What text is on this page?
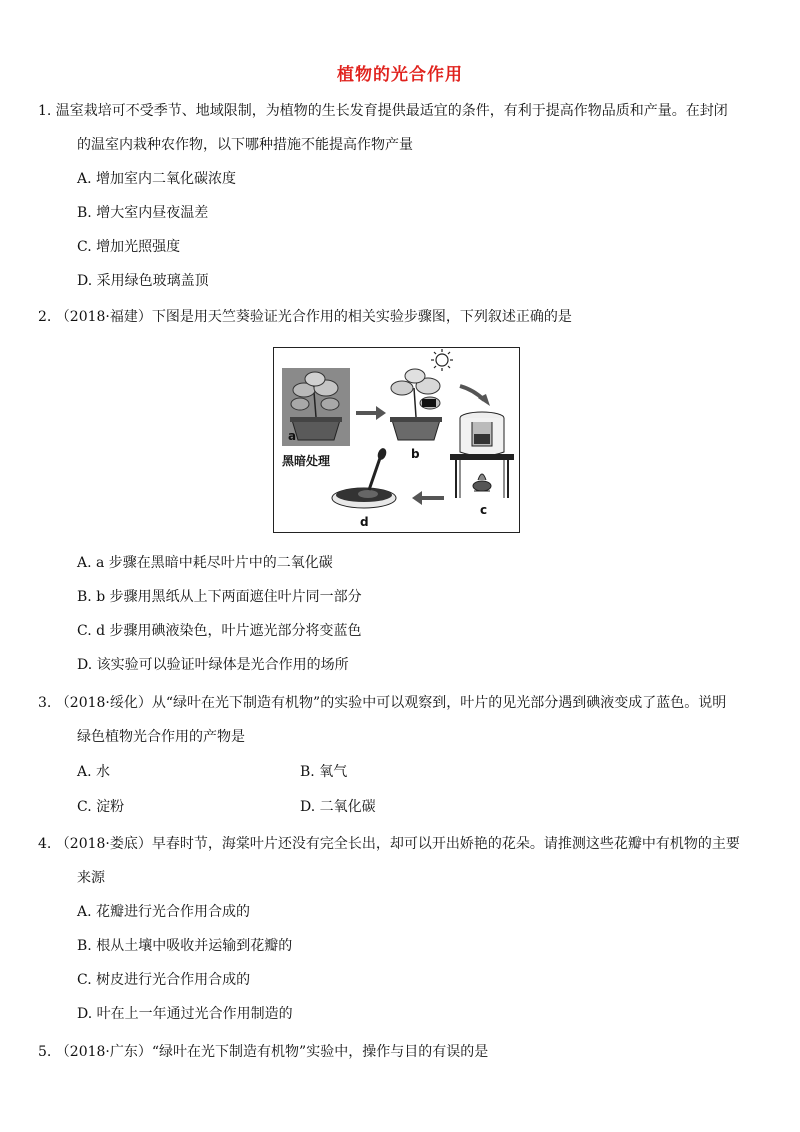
植物的光合作用
1. 温室栽培可不受季节、地域限制，为植物的生长发育提供最适宜的条件，有利于提高作物品质和产量。在封闭
的温室内栽种农作物，以下哪种措施不能提高作物产量
A. 增加室内二氧化碳浓度
B. 增大室内昼夜温差
C. 增加光照强度
D. 采用绿色玻璃盖顶
2. （2018·福建）下图是用天竺葵验证光合作用的相关实验步骤图，下列叙述正确的是
a
黑暗处理	b
c
d
A. a 步骤在黑暗中耗尽叶片中的二氧化碳
B. b 步骤用黑纸从上下两面遮住叶片同一部分
C. d 步骤用碘液染色，叶片遮光部分将变蓝色
D. 该实验可以验证叶绿体是光合作用的场所
3. （2018·绥化）从“绿叶在光下制造有机物”的实验中可以观察到，叶片的见光部分遇到碘液变成了蓝色。说明
绿色植物光合作用的产物是
A. 水	B. 氧气
C. 淀粉	D. 二氧化碳
4. （2018·娄底）早春时节，海棠叶片还没有完全长出，却可以开出娇艳的花朵。请推测这些花瓣中有机物的主要
来源
A. 花瓣进行光合作用合成的
B. 根从土壤中吸收并运输到花瓣的
C. 树皮进行光合作用合成的
D. 叶在上一年通过光合作用制造的
5. （2018·广东）“绿叶在光下制造有机物”实验中，操作与目的有误的是
